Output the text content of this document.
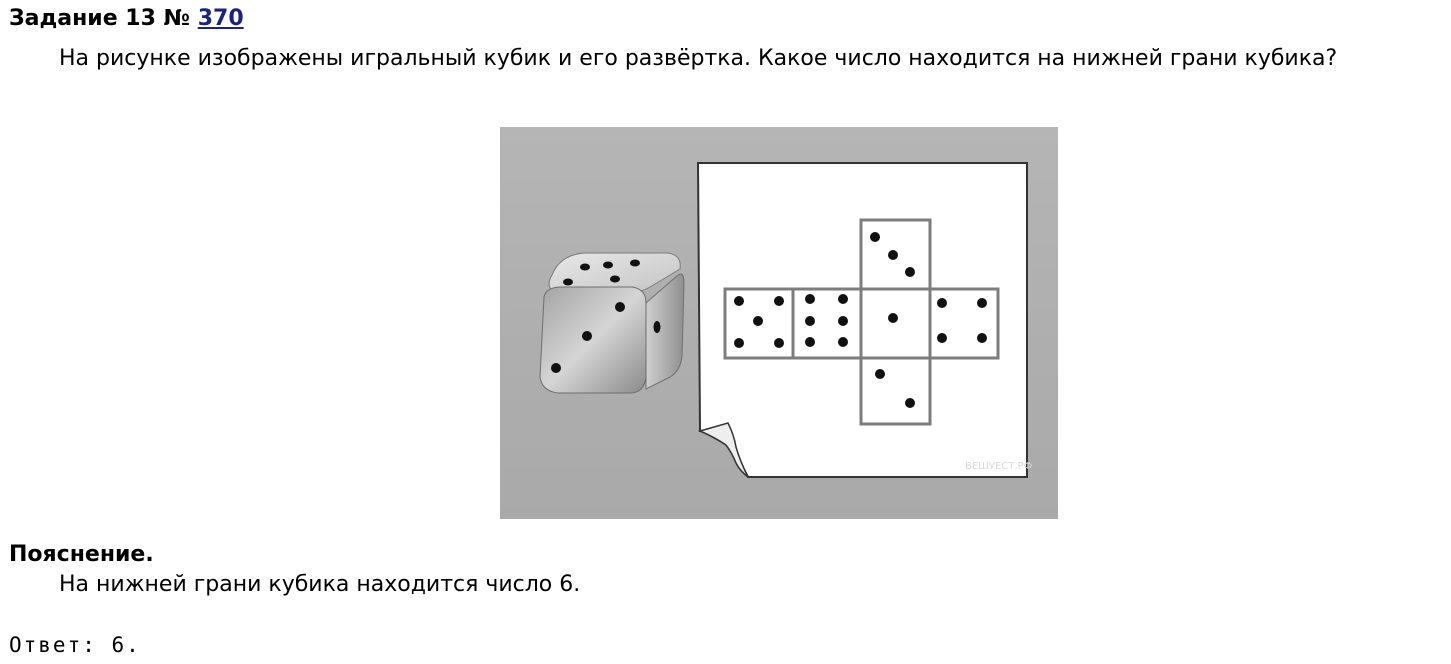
Задание 13 № 370
На рисунке изображены игральный кубик и его развёртка. Какое число находится на нижней грани кубика?
ВЕШУЕСТ.РФ
Пояснение.
На нижней грани кубика находится число 6.
Ответ: 6.
